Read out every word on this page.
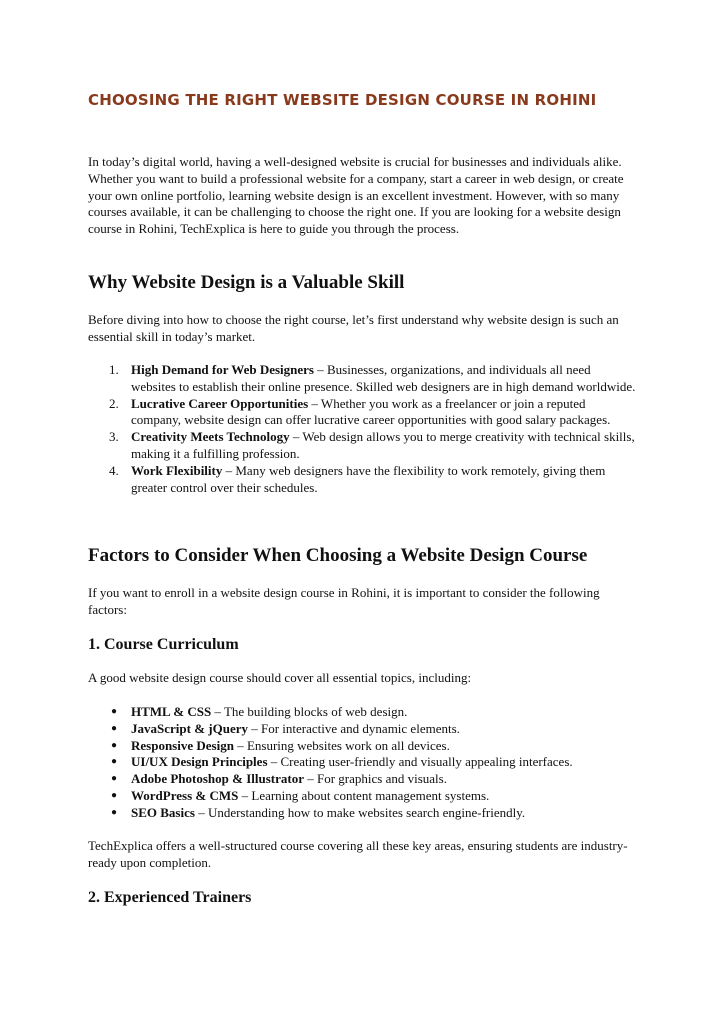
CHOOSING THE RIGHT WEBSITE DESIGN COURSE IN ROHINI

In today’s digital world, having a well-designed website is crucial for businesses and individuals alike. Whether you want to build a professional website for a company, start a career in web design, or create your own online portfolio, learning website design is an excellent investment. However, with so many courses available, it can be challenging to choose the right one. If you are looking for a website design course in Rohini, TechExplica is here to guide you through the process.

Why Website Design is a Valuable Skill

Before diving into how to choose the right course, let’s first understand why website design is such an essential skill in today’s market.

1. High Demand for Web Designers – Businesses, organizations, and individuals all need websites to establish their online presence. Skilled web designers are in high demand worldwide.
2. Lucrative Career Opportunities – Whether you work as a freelancer or join a reputed company, website design can offer lucrative career opportunities with good salary packages.
3. Creativity Meets Technology – Web design allows you to merge creativity with technical skills, making it a fulfilling profession.
4. Work Flexibility – Many web designers have the flexibility to work remotely, giving them greater control over their schedules.
Factors to Consider When Choosing a Website Design Course

If you want to enroll in a website design course in Rohini, it is important to consider the following factors:

1. Course Curriculum

A good website design course should cover all essential topics, including:

● HTML & CSS – The building blocks of web design.
● JavaScript & jQuery – For interactive and dynamic elements.
● Responsive Design – Ensuring websites work on all devices.
● UI/UX Design Principles – Creating user-friendly and visually appealing interfaces.
● Adobe Photoshop & Illustrator – For graphics and visuals.
● WordPress & CMS – Learning about content management systems.
● SEO Basics – Understanding how to make websites search engine-friendly.

TechExplica offers a well-structured course covering all these key areas, ensuring students are industry-ready upon completion.

2. Experienced Trainers
